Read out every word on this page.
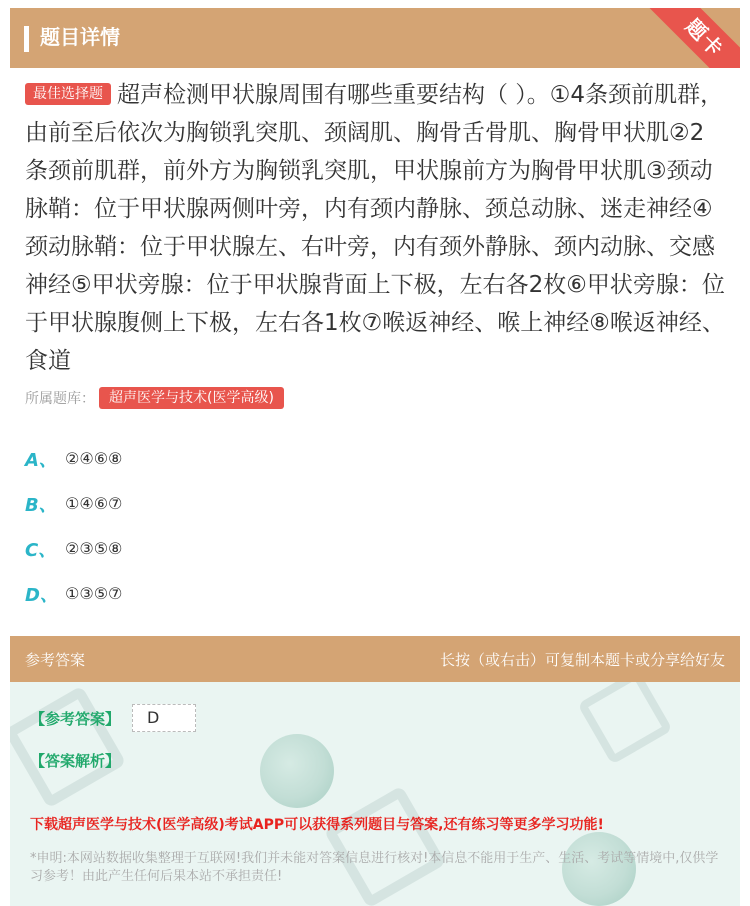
题目详情	题卡
最佳选择题 超声检测甲状腺周围有哪些重要结构（ ）。①4条颈前肌群，由前至后依次为胸锁乳突肌、颈阔肌、胸骨舌骨肌、胸骨甲状肌②2条颈前肌群，前外方为胸锁乳突肌，甲状腺前方为胸骨甲状肌③颈动脉鞘：位于甲状腺两侧叶旁，内有颈内静脉、颈总动脉、迷走神经④颈动脉鞘：位于甲状腺左、右叶旁，内有颈外静脉、颈内动脉、交感神经⑤甲状旁腺：位于甲状腺背面上下极，左右各2枚⑥甲状旁腺：位于甲状腺腹侧上下极，左右各1枚⑦喉返神经、喉上神经⑧喉返神经、食道
所属题库：	超声医学与技术(医学高级)
A、 ②④⑥⑧
B、 ①④⑥⑦
C、 ②③⑤⑧
D、 ①③⑤⑦
参考答案	长按（或右击）可复制本题卡或分享给好友
【参考答案】	D
【答案解析】
下载超声医学与技术(医学高级)考试APP可以获得系列题目与答案,还有练习等更多学习功能!
*申明:本网站数据收集整理于互联网!我们并未能对答案信息进行核对!本信息不能用于生产、生活、考试等情境中,仅供学习参考！由此产生任何后果本站不承担责任!
